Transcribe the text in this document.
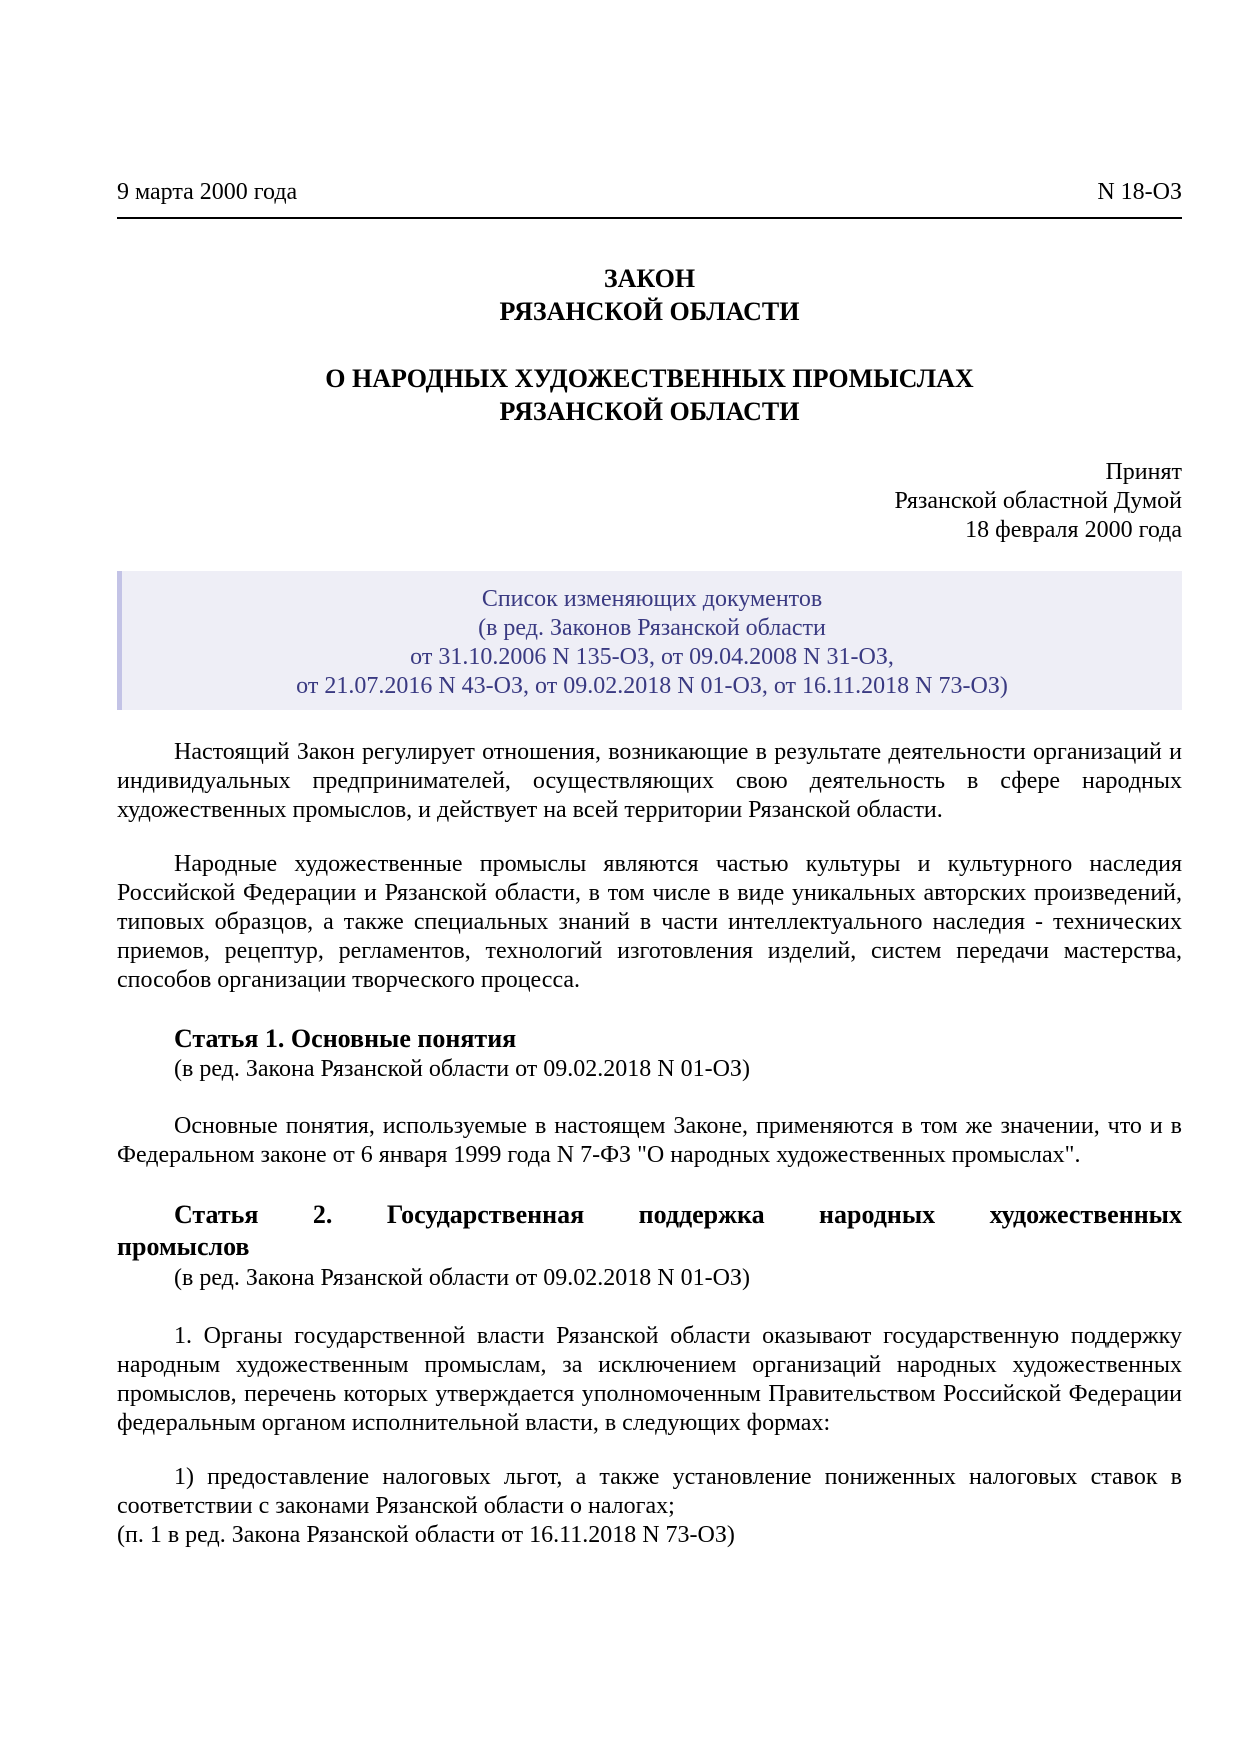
9 марта 2000 года	N 18-ОЗ
ЗАКОН
РЯЗАНСКОЙ ОБЛАСТИ
О НАРОДНЫХ ХУДОЖЕСТВЕННЫХ ПРОМЫСЛАХ
РЯЗАНСКОЙ ОБЛАСТИ
Принят
Рязанской областной Думой
18 февраля 2000 года
Список изменяющих документов
(в ред. Законов Рязанской области
от 31.10.2006 N 135-ОЗ, от 09.04.2008 N 31-ОЗ,
от 21.07.2016 N 43-ОЗ, от 09.02.2018 N 01-ОЗ, от 16.11.2018 N 73-ОЗ)
Настоящий Закон регулирует отношения, возникающие в результате деятельности организаций и индивидуальных предпринимателей, осуществляющих свою деятельность в сфере народных художественных промыслов, и действует на всей территории Рязанской области.
Народные художественные промыслы являются частью культуры и культурного наследия Российской Федерации и Рязанской области, в том числе в виде уникальных авторских произведений, типовых образцов, а также специальных знаний в части интеллектуального наследия - технических приемов, рецептур, регламентов, технологий изготовления изделий, систем передачи мастерства, способов организации творческого процесса.
Статья 1. Основные понятия
(в ред. Закона Рязанской области от 09.02.2018 N 01-ОЗ)
Основные понятия, используемые в настоящем Законе, применяются в том же значении, что и в Федеральном законе от 6 января 1999 года N 7-ФЗ "О народных художественных промыслах".
Статья 2. Государственная поддержка народных художественных промыслов
(в ред. Закона Рязанской области от 09.02.2018 N 01-ОЗ)
1. Органы государственной власти Рязанской области оказывают государственную поддержку народным художественным промыслам, за исключением организаций народных художественных промыслов, перечень которых утверждается уполномоченным Правительством Российской Федерации федеральным органом исполнительной власти, в следующих формах:
1) предоставление налоговых льгот, а также установление пониженных налоговых ставок в соответствии с законами Рязанской области о налогах;
(п. 1 в ред. Закона Рязанской области от 16.11.2018 N 73-ОЗ)
